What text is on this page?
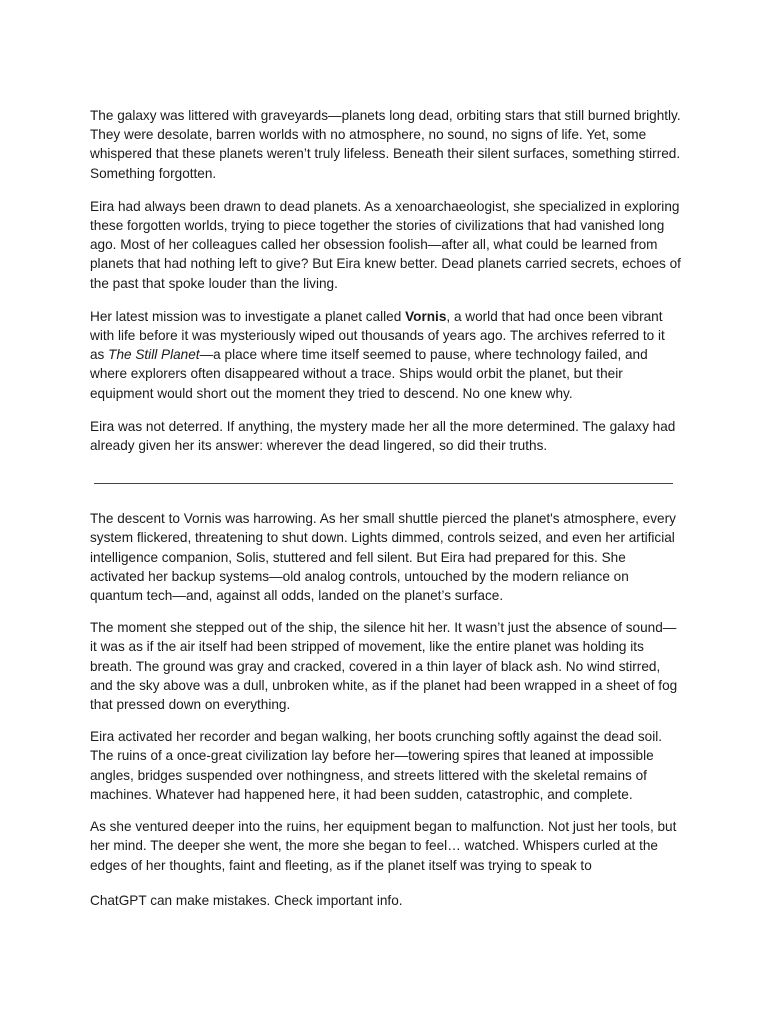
The galaxy was littered with graveyards—planets long dead, orbiting stars that still burned brightly. They were desolate, barren worlds with no atmosphere, no sound, no signs of life. Yet, some whispered that these planets weren’t truly lifeless. Beneath their silent surfaces, something stirred. Something forgotten.

Eira had always been drawn to dead planets. As a xenoarchaeologist, she specialized in exploring these forgotten worlds, trying to piece together the stories of civilizations that had vanished long ago. Most of her colleagues called her obsession foolish—after all, what could be learned from planets that had nothing left to give? But Eira knew better. Dead planets carried secrets, echoes of the past that spoke louder than the living.

Her latest mission was to investigate a planet called Vornis, a world that had once been vibrant with life before it was mysteriously wiped out thousands of years ago. The archives referred to it as The Still Planet—a place where time itself seemed to pause, where technology failed, and where explorers often disappeared without a trace. Ships would orbit the planet, but their equipment would short out the moment they tried to descend. No one knew why.

Eira was not deterred. If anything, the mystery made her all the more determined. The galaxy had already given her its answer: wherever the dead lingered, so did their truths.

The descent to Vornis was harrowing. As her small shuttle pierced the planet's atmosphere, every system flickered, threatening to shut down. Lights dimmed, controls seized, and even her artificial intelligence companion, Solis, stuttered and fell silent. But Eira had prepared for this. She activated her backup systems—old analog controls, untouched by the modern reliance on quantum tech—and, against all odds, landed on the planet’s surface.

The moment she stepped out of the ship, the silence hit her. It wasn’t just the absence of sound—it was as if the air itself had been stripped of movement, like the entire planet was holding its breath. The ground was gray and cracked, covered in a thin layer of black ash. No wind stirred, and the sky above was a dull, unbroken white, as if the planet had been wrapped in a sheet of fog that pressed down on everything.

Eira activated her recorder and began walking, her boots crunching softly against the dead soil. The ruins of a once-great civilization lay before her—towering spires that leaned at impossible angles, bridges suspended over nothingness, and streets littered with the skeletal remains of machines. Whatever had happened here, it had been sudden, catastrophic, and complete.

As she ventured deeper into the ruins, her equipment began to malfunction. Not just her tools, but her mind. The deeper she went, the more she began to feel… watched. Whispers curled at the edges of her thoughts, faint and fleeting, as if the planet itself was trying to speak to

ChatGPT can make mistakes. Check important info.
